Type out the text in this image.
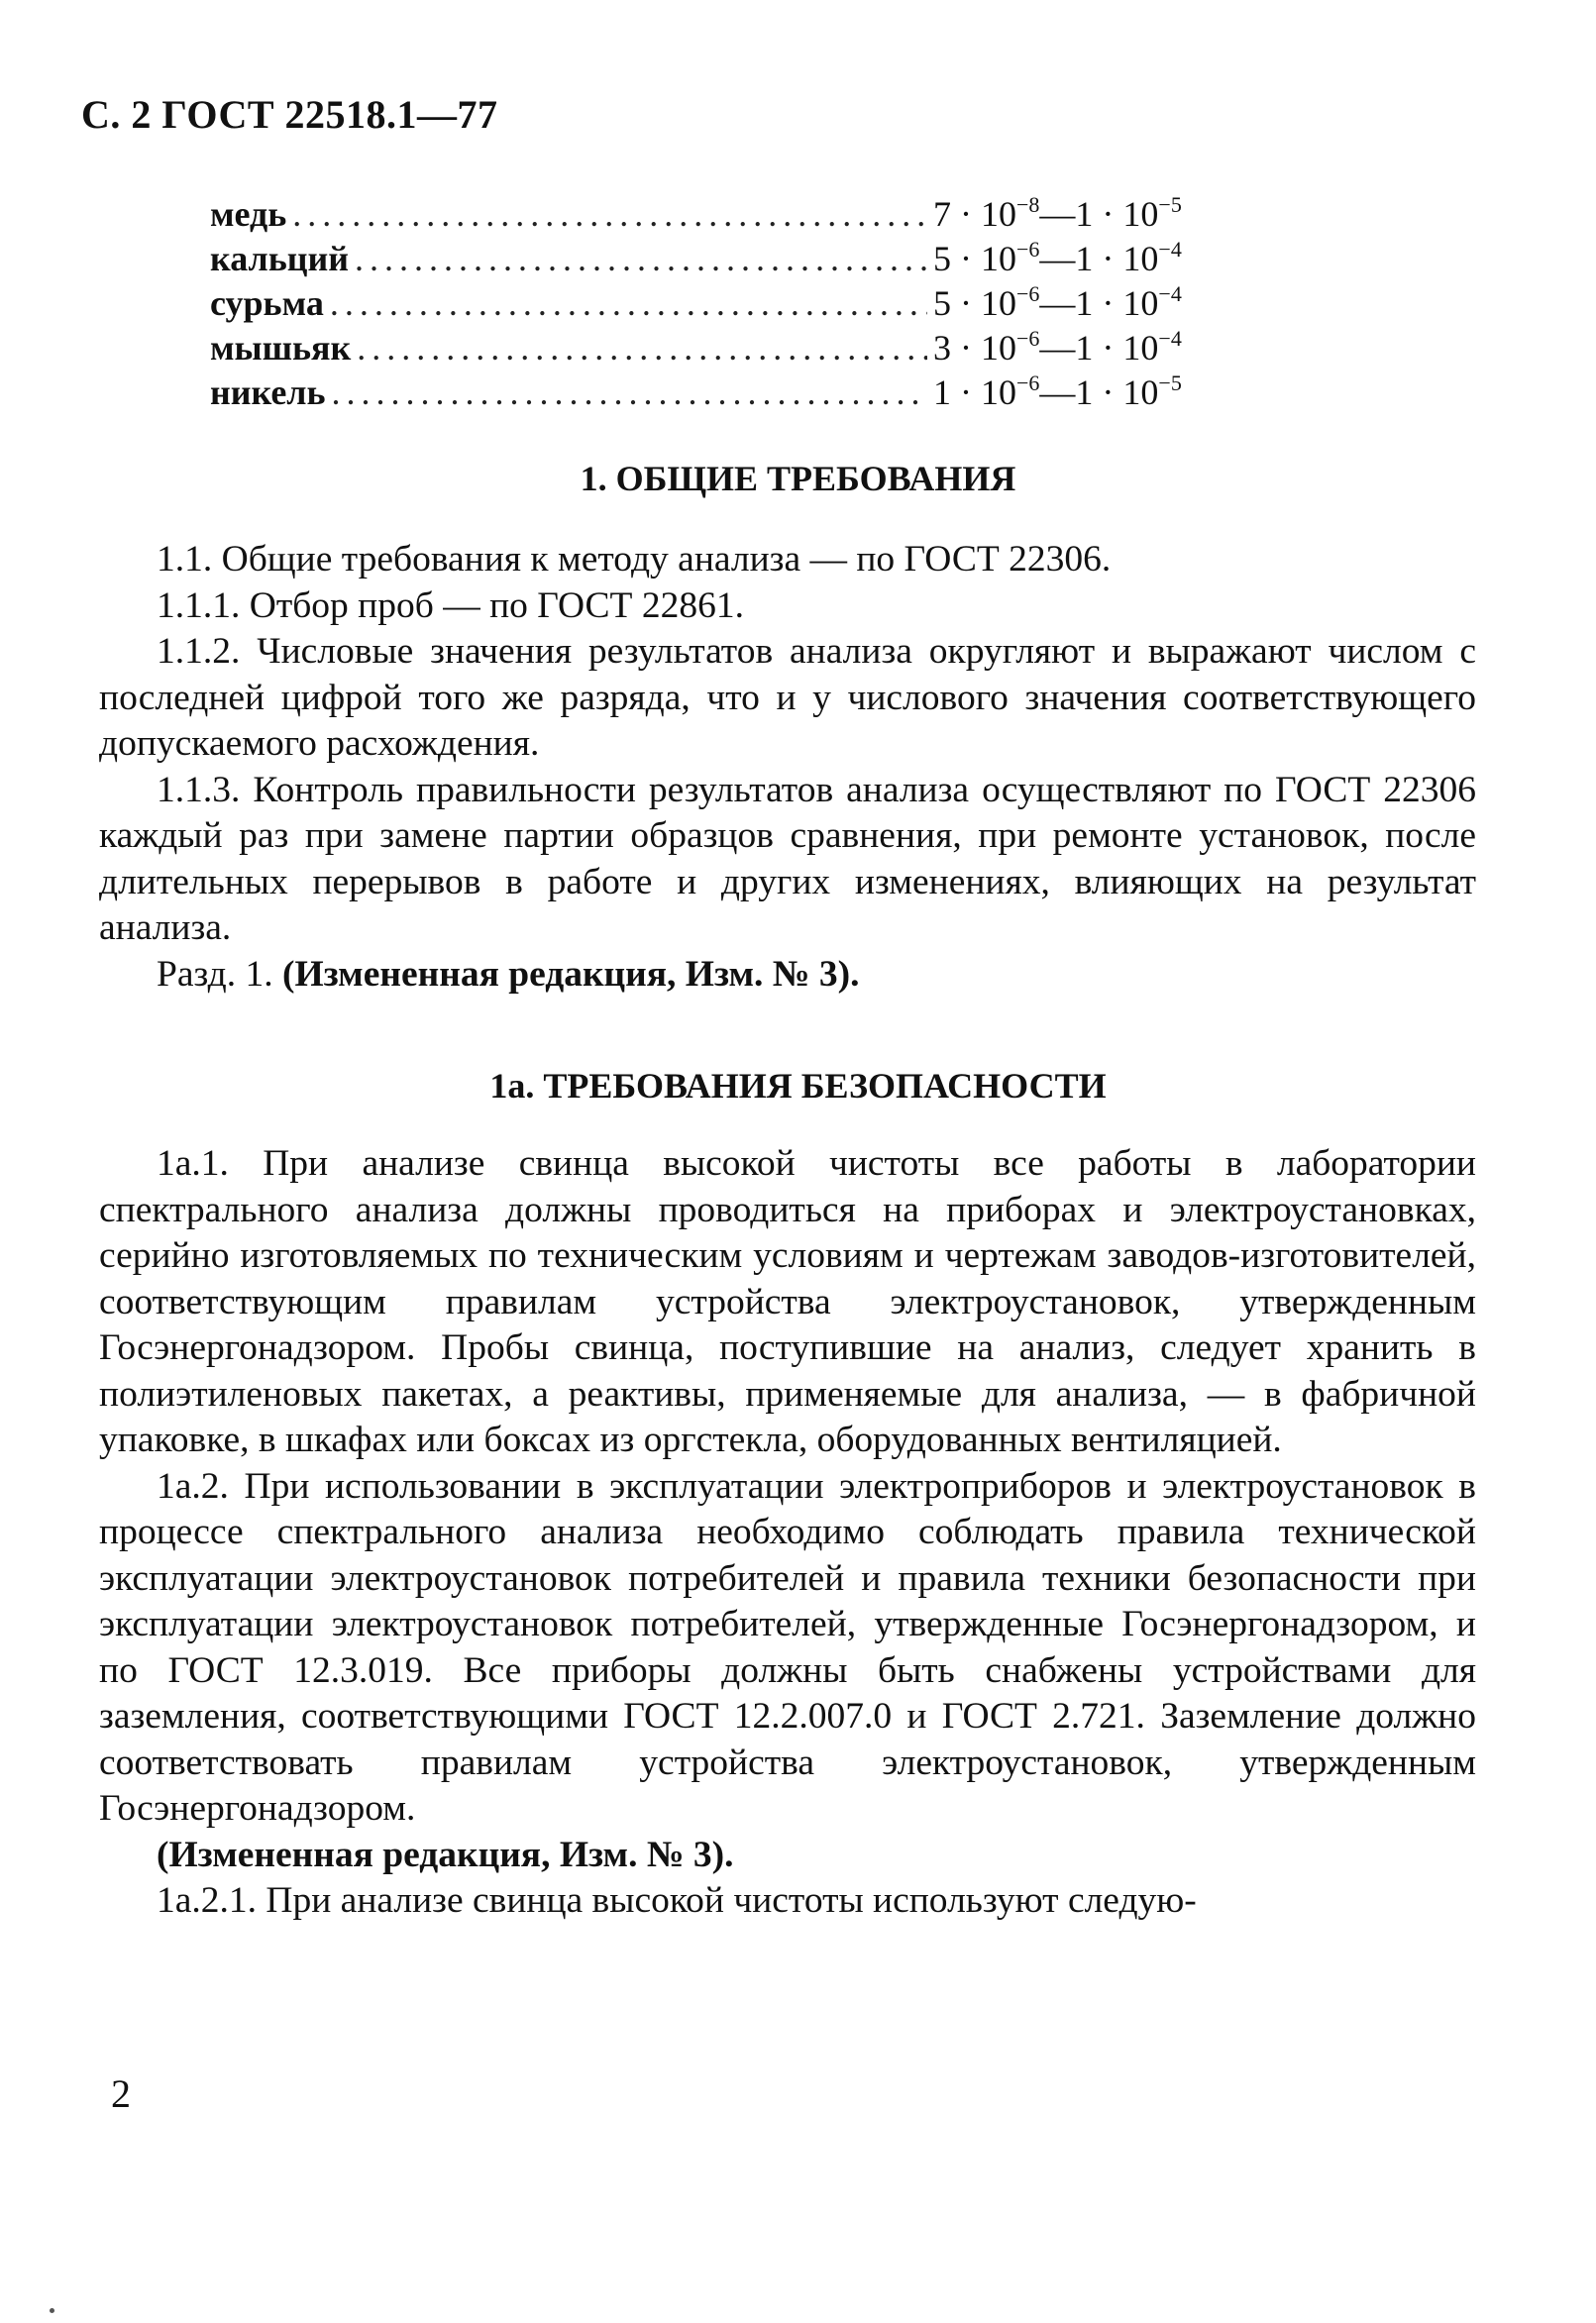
С. 2 ГОСТ 22518.1—77
медь .....	$7 \cdot 10^{-8}—1 \cdot 10^{-5}$
кальций .....	$5 \cdot 10^{-6}—1 \cdot 10^{-4}$
сурьма .....	$5 \cdot 10^{-6}—1 \cdot 10^{-4}$
мышьяк .....	$3 \cdot 10^{-6}—1 \cdot 10^{-4}$
никель .....	$1 \cdot 10^{-6}—1 \cdot 10^{-5}$
1. ОБЩИЕ ТРЕБОВАНИЯ

1.1. Общие требования к методу анализа — по ГОСТ 22306.

1.1.1. Отбор проб — по ГОСТ 22861.

1.1.2. Числовые значения результатов анализа округляют и выражают числом с последней цифрой того же разряда, что и у числового значения соответствующего допускаемого расхождения.

1.1.3. Контроль правильности результатов анализа осуществляют по ГОСТ 22306 каждый раз при замене партии образцов сравнения, при ремонте установок, после длительных перерывов в работе и других изменениях, влияющих на результат анализа.

Разд. 1. (Измененная редакция, Изм. № 3).

1а. ТРЕБОВАНИЯ БЕЗОПАСНОСТИ

1а.1. При анализе свинца высокой чистоты все работы в лаборатории спектрального анализа должны проводиться на приборах и электроустановках, серийно изготовляемых по техническим условиям и чертежам заводов-изготовителей, соответствующим правилам устройства электроустановок, утвержденным Госэнергонадзором. Пробы свинца, поступившие на анализ, следует хранить в полиэтиленовых пакетах, а реактивы, применяемые для анализа, — в фабричной упаковке, в шкафах или боксах из оргстекла, оборудованных вентиляцией.

1а.2. При использовании в эксплуатации электроприборов и электроустановок в процессе спектрального анализа необходимо соблюдать правила технической эксплуатации электроустановок потребителей и правила техники безопасности при эксплуатации электроустановок потребителей, утвержденные Госэнергонадзором, и по ГОСТ 12.3.019. Все приборы должны быть снабжены устройствами для заземления, соответствующими ГОСТ 12.2.007.0 и ГОСТ 2.721. Заземление должно соответствовать правилам устройства электроустановок, утвержденным Госэнергонадзором.

(Измененная редакция, Изм. № 3).

1а.2.1. При анализе свинца высокой чистоты используют следую-

2
